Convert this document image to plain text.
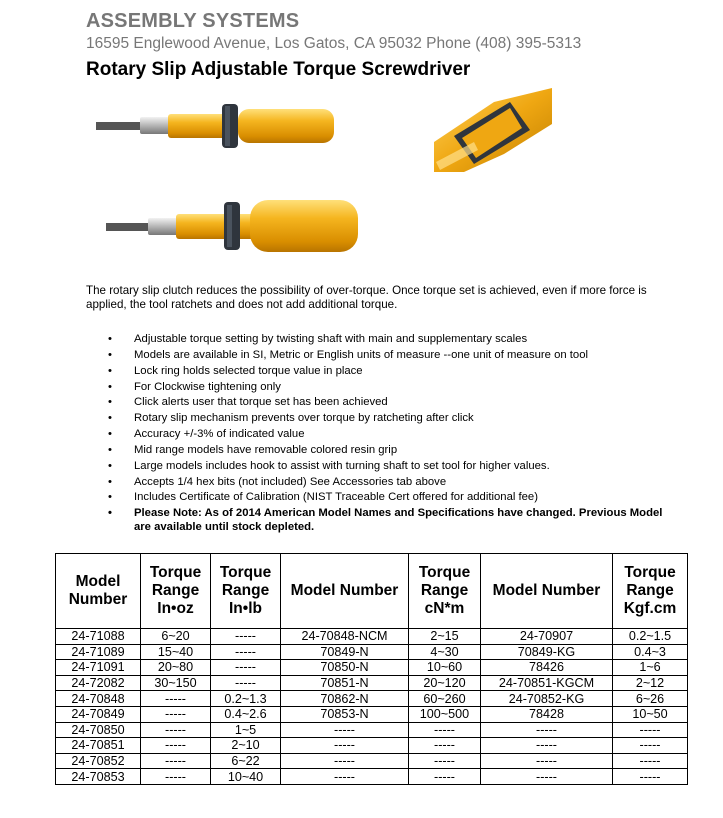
ASSEMBLY SYSTEMS
16595 Englewood Avenue, Los Gatos, CA 95032 Phone (408) 395-5313
Rotary Slip Adjustable Torque Screwdriver
The rotary slip clutch reduces the possibility of over-torque. Once torque set is achieved, even if more force is applied, the tool ratchets and does not add additional torque.
• Adjustable torque setting by twisting shaft with main and supplementary scales
• Models are available in SI, Metric or English units of measure --one unit of measure on tool
• Lock ring holds selected torque value in place
• For Clockwise tightening only
• Click alerts user that torque set has been achieved
• Rotary slip mechanism prevents over torque by ratcheting after click
• Accuracy +/-3% of indicated value
• Mid range models have removable colored resin grip
• Large models includes hook to assist with turning shaft to set tool for higher values.
• Accepts 1/4 hex bits (not included) See Accessories tab above
• Includes Certificate of Calibration (NIST Traceable Cert offered for additional fee)
• Please Note: As of 2014 American Model Names and Specifications have changed. Previous Model are available until stock depleted.
Model Number	Torque Range In•oz	Torque Range In•lb	Model Number	Torque Range cN*m	Model Number	Torque Range Kgf.cm
24-71088	6~20	-----	24-70848-NCM	2~15	24-70907	0.2~1.5
24-71089	15~40	-----	70849-N	4~30	70849-KG	0.4~3
24-71091	20~80	-----	70850-N	10~60	78426	1~6
24-72082	30~150	-----	70851-N	20~120	24-70851-KGCM	2~12
24-70848	-----	0.2~1.3	70862-N	60~260	24-70852-KG	6~26
24-70849	-----	0.4~2.6	70853-N	100~500	78428	10~50
24-70850	-----	1~5	-----	-----	-----	-----
24-70851	-----	2~10	-----	-----	-----	-----
24-70852	-----	6~22	-----	-----	-----	-----
24-70853	-----	10~40	-----	-----	-----	-----
